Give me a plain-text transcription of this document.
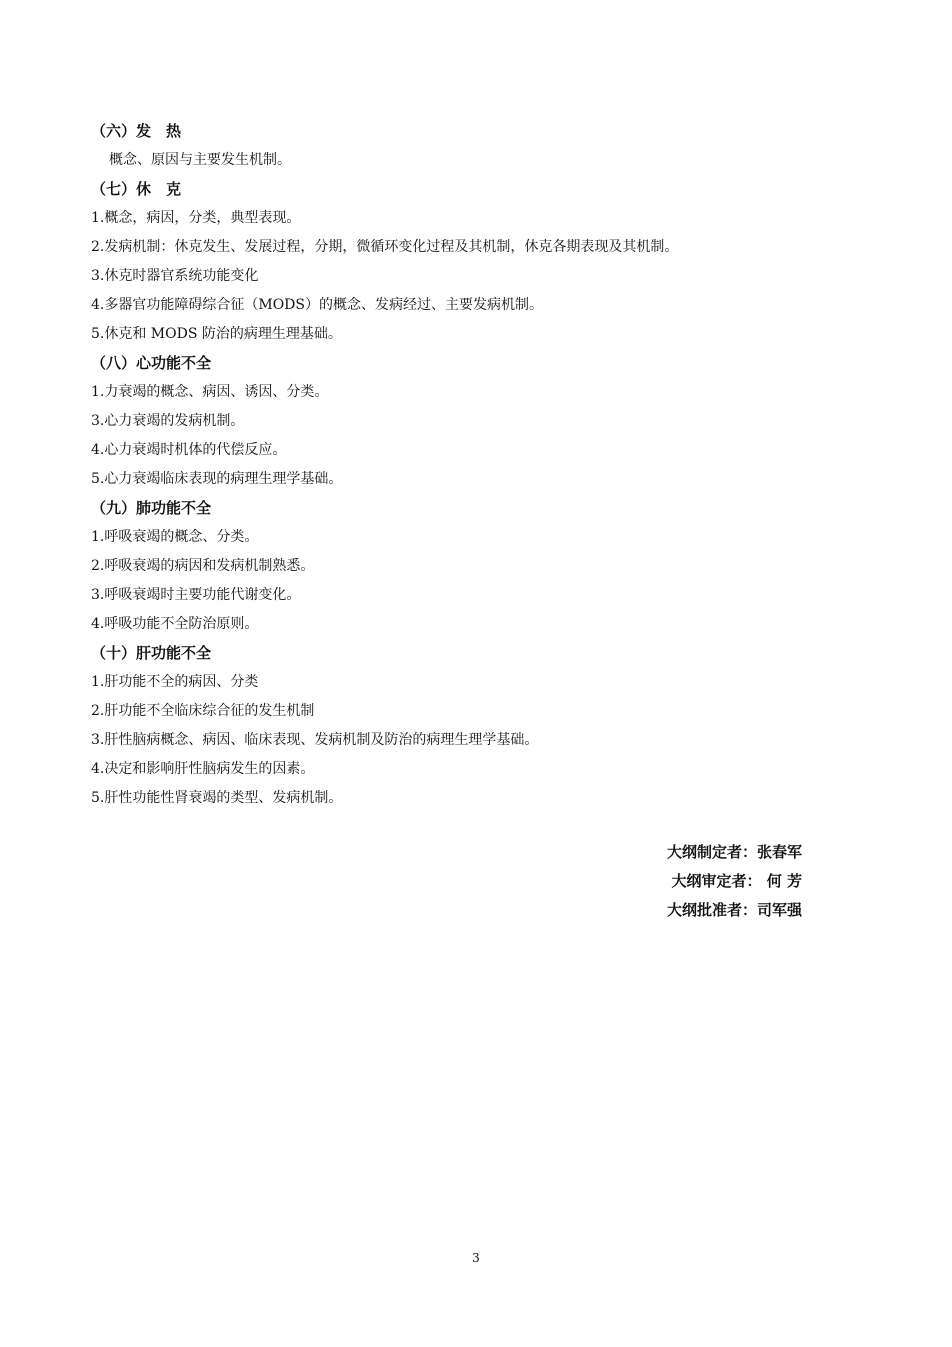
（六）发　热
概念、原因与主要发生机制。
（七）休　克
1.概念，病因，分类，典型表现。
2.发病机制：休克发生、发展过程，分期，微循环变化过程及其机制，休克各期表现及其机制。
3.休克时器官系统功能变化
4.多器官功能障碍综合征（MODS）的概念、发病经过、主要发病机制。
5.休克和 MODS 防治的病理生理基础。
（八）心功能不全
1.力衰竭的概念、病因、诱因、分类。
3.心力衰竭的发病机制。
4.心力衰竭时机体的代偿反应。
5.心力衰竭临床表现的病理生理学基础。
（九）肺功能不全
1.呼吸衰竭的概念、分类。
2.呼吸衰竭的病因和发病机制熟悉。
3.呼吸衰竭时主要功能代谢变化。
4.呼吸功能不全防治原则。
（十）肝功能不全
1.肝功能不全的病因、分类
2.肝功能不全临床综合征的发生机制
3.肝性脑病概念、病因、临床表现、发病机制及防治的病理生理学基础。
4.决定和影响肝性脑病发生的因素。
5.肝性功能性肾衰竭的类型、发病机制。
大纲制定者：张春军
大纲审定者： 何 芳
大纲批准者：司军强
3
